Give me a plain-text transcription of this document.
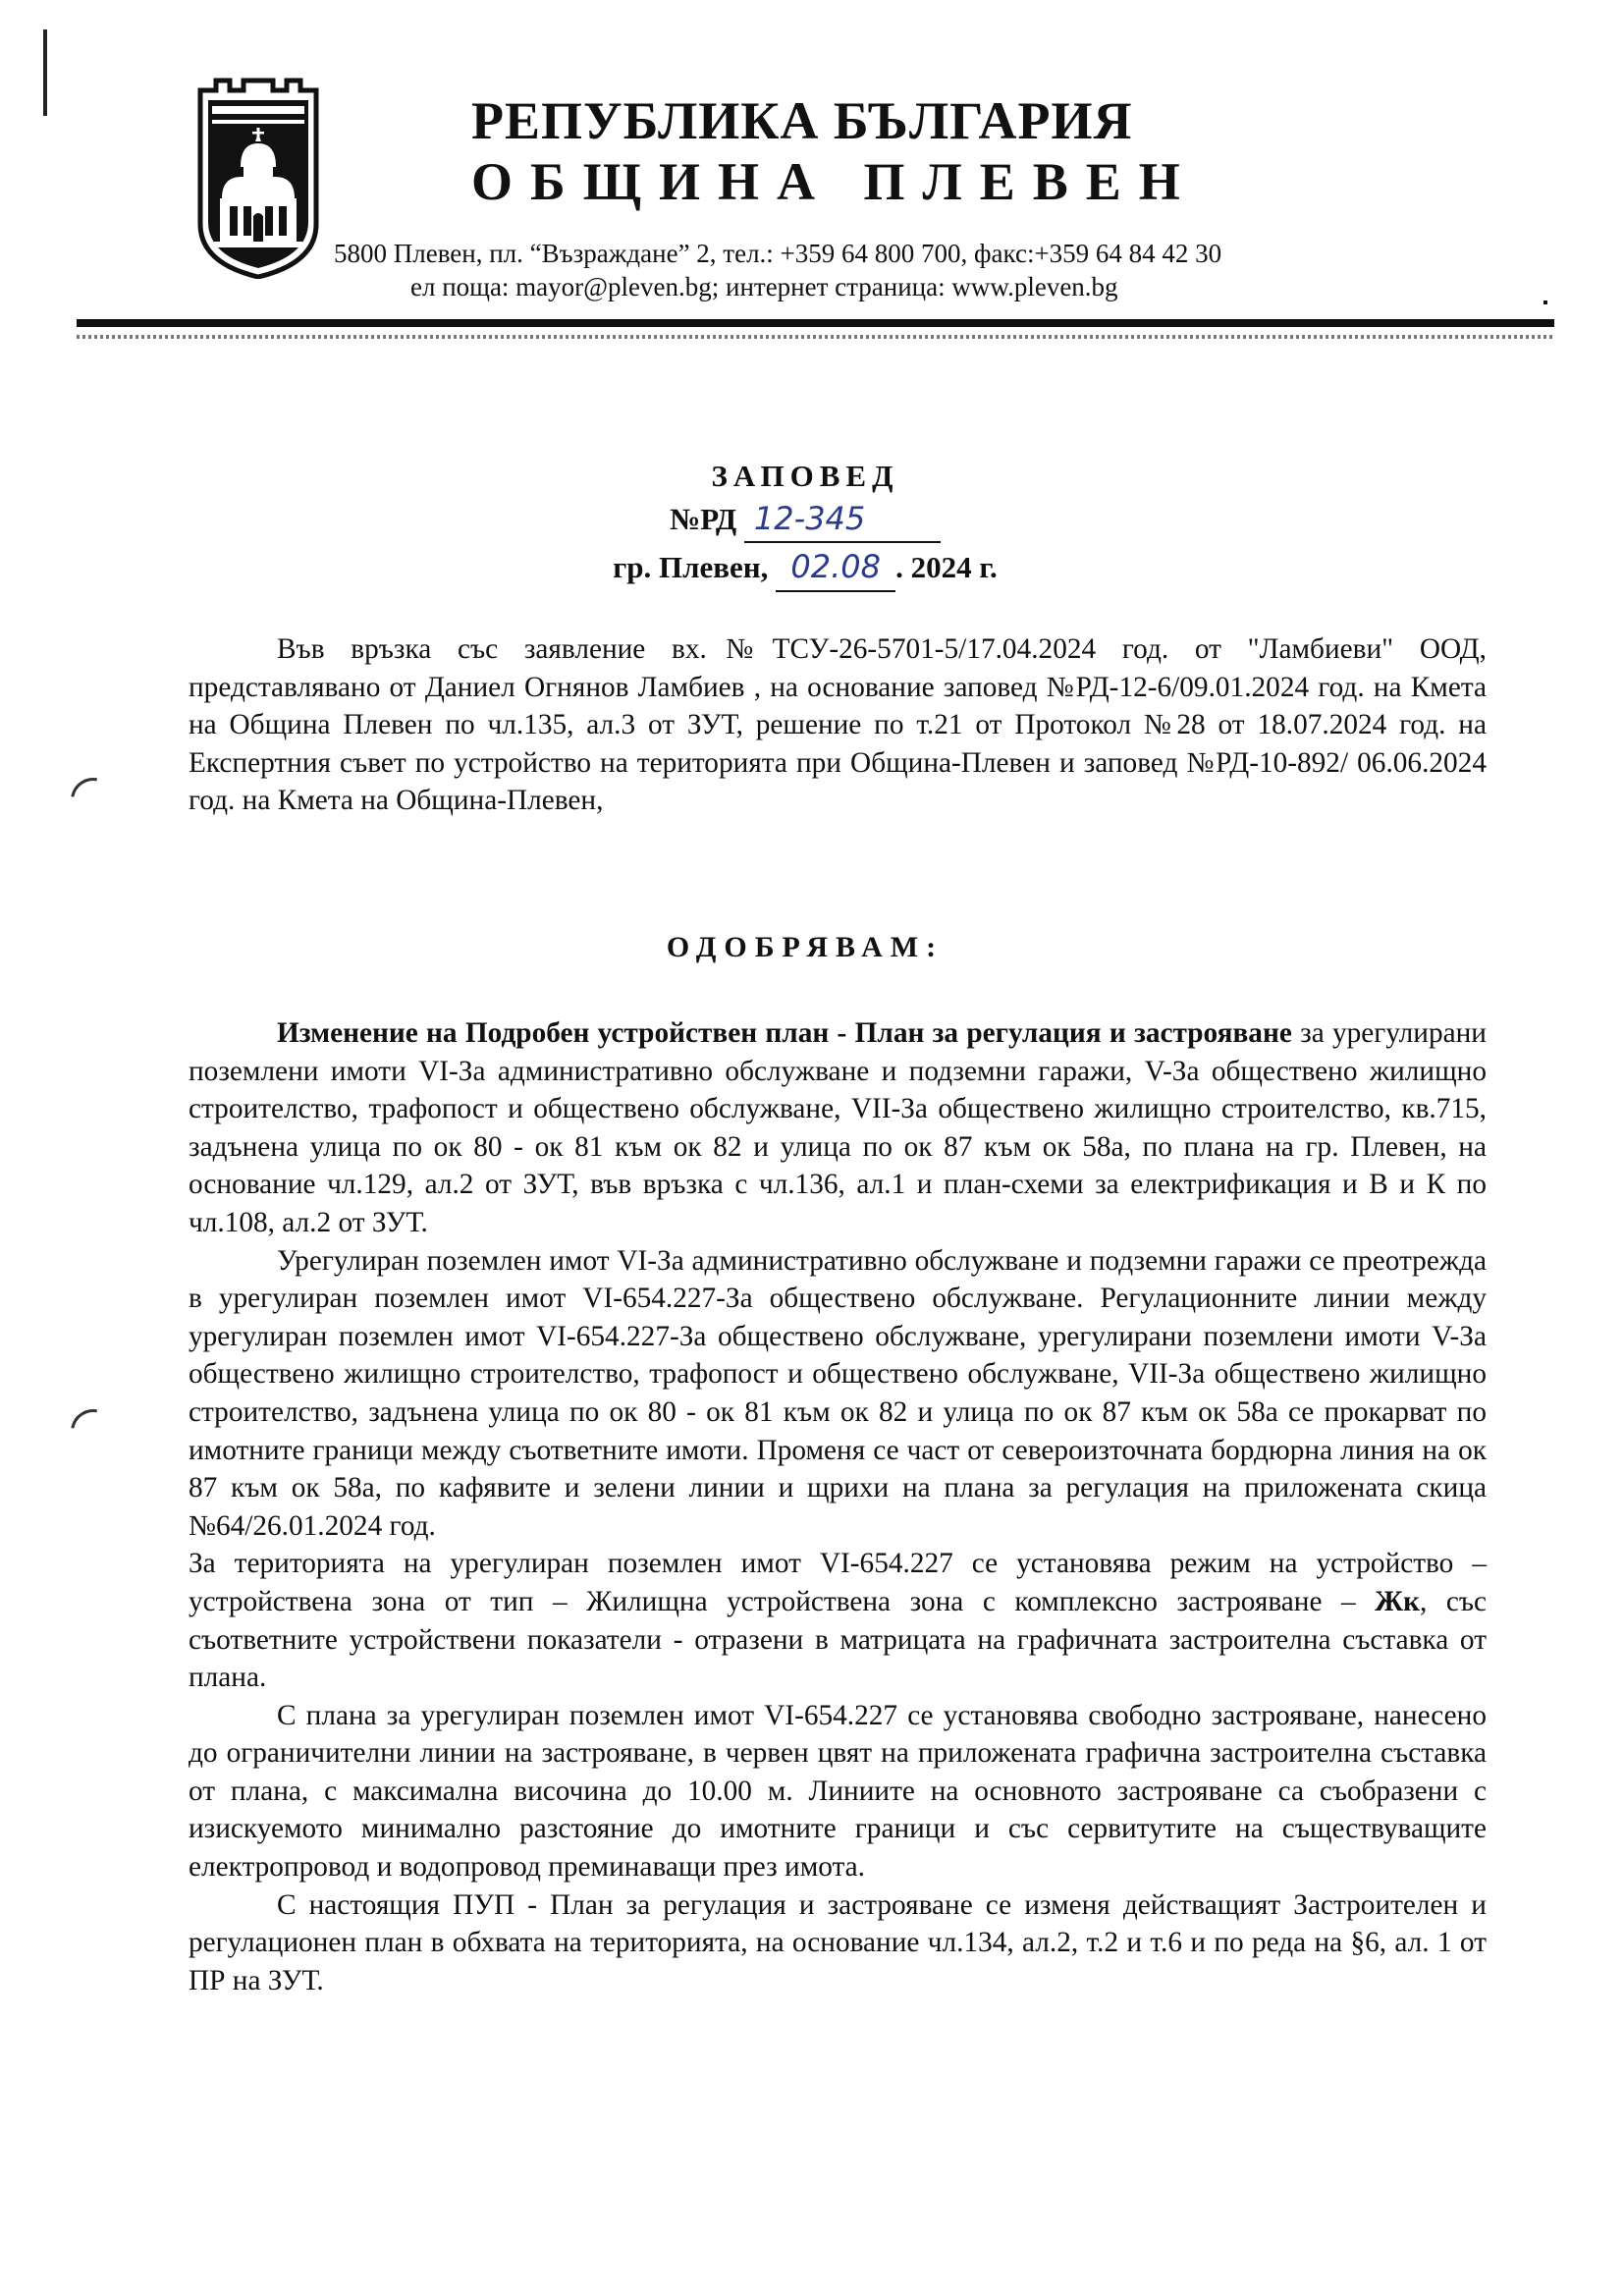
РЕПУБЛИКА БЪЛГАРИЯ
ОБЩИНА ПЛЕВЕН
5800 Плевен, пл. “Възраждане” 2, тел.: +359 64 800 700, факс:+359 64 84 42 30
ел поща: mayor@pleven.bg; интернет страница: www.pleven.bg
ЗАПОВЕД
№РД 12-345
гр. Плевен, 02.08 . 2024 г.

Във връзка със заявление вх.№ТСУ-26-5701-5/17.04.2024 год. от "Ламбиеви" ООД, представлявано от Даниел Огнянов Ламбиев , на основание заповед №РД-12-6/09.01.2024 год. на Кмета на Община Плевен по чл.135, ал.3 от ЗУТ, решение по т.21 от Протокол №28 от 18.07.2024 год. на Експертния съвет по устройство на територията при Община-Плевен и заповед №РД-10-892/ 06.06.2024 год. на Кмета на Община-Плевен,

ОДОБРЯВАМ:

Изменение на Подробен устройствен план - План за регулация и застрояване за урегулирани поземлени имоти VI-За административно обслужване и подземни гаражи, V-За обществено жилищно строителство, трафопост и обществено обслужване, VII-За обществено жилищно строителство, кв.715, задънена улица по ок 80 - ок 81 към ок 82 и улица по ок 87 към ок 58а, по плана на гр. Плевен, на основание чл.129, ал.2 от ЗУТ, във връзка с чл.136, ал.1 и план-схеми за електрификация и В и К по чл.108, ал.2 от ЗУТ.

Урегулиран поземлен имот VI-За административно обслужване и подземни гаражи се преотрежда в урегулиран поземлен имот VI-654.227-За обществено обслужване. Регулационните линии между урегулиран поземлен имот VI-654.227-За обществено обслужване, урегулирани поземлени имоти V-За обществено жилищно строителство, трафопост и обществено обслужване, VII-За обществено жилищно строителство, задънена улица по ок 80 - ок 81 към ок 82 и улица по ок 87 към ок 58а се прокарват по имотните граници между съответните имоти. Променя се част от североизточната бордюрна линия на ок 87 към ок 58а, по кафявите и зелени линии и щрихи на плана за регулация на приложената скица №64/26.01.2024 год.

За територията на урегулиран поземлен имот VI-654.227 се установява режим на устройство – устройствена зона от тип – Жилищна устройствена зона с комплексно застрояване – Жк, със съответните устройствени показатели - отразени в матрицата на графичната застроителна съставка от плана.

С плана за урегулиран поземлен имот VI-654.227 се установява свободно застрояване, нанесено до ограничителни линии на застрояване, в червен цвят на приложената графична застроителна съставка от плана, с максимална височина до 10.00 м. Линиите на основното застрояване са съобразени с изискуемото минимално разстояние до имотните граници и със сервитутите на съществуващите електропровод и водопровод преминаващи през имота.

С настоящия ПУП - План за регулация и застрояване се изменя действащият Застроителен и регулационен план в обхвата на територията, на основание чл.134, ал.2, т.2 и т.6 и по реда на §6, ал. 1 от ПР на ЗУТ.
